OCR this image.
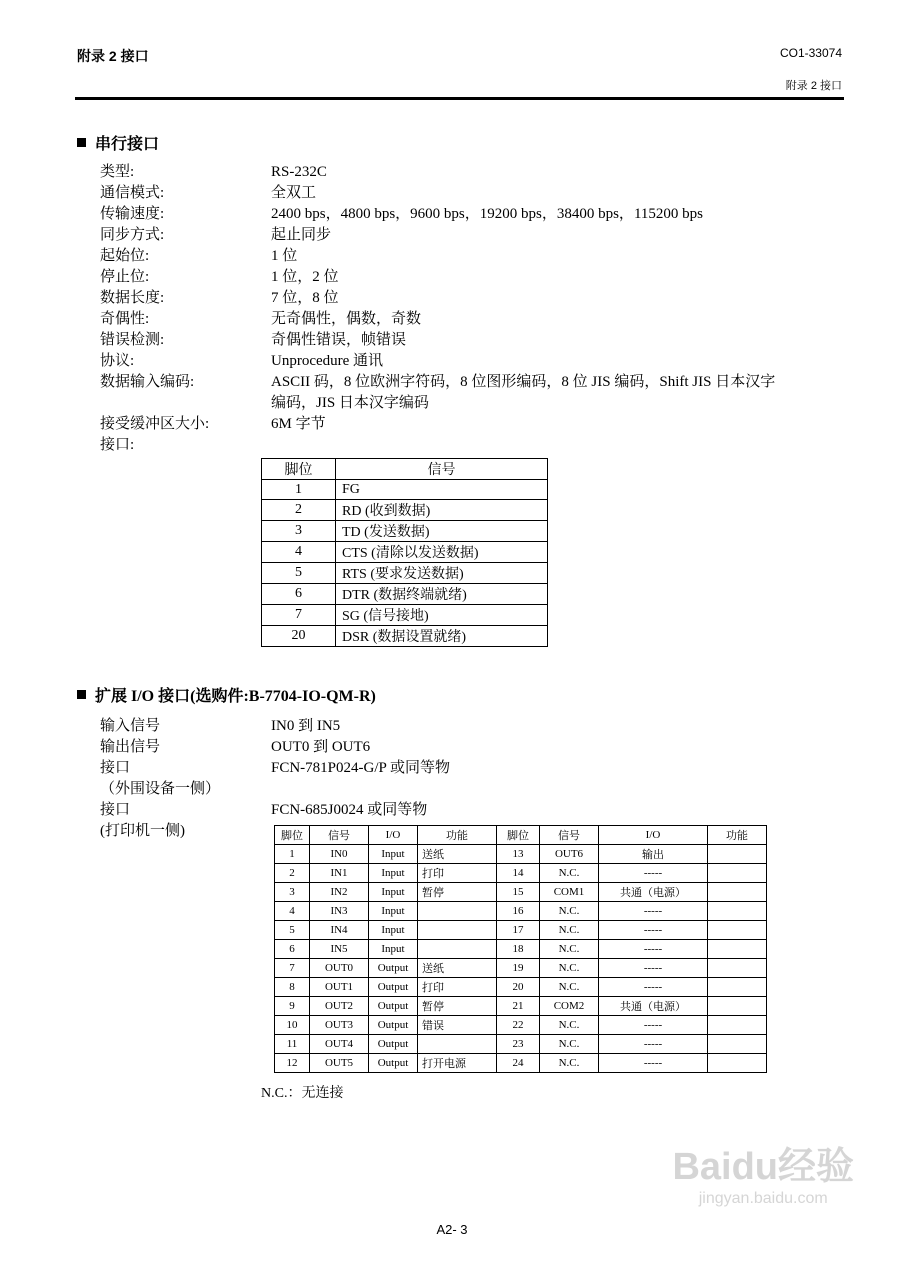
附录 2 接口	CO1-33074
附录 2 接口
串行接口
类型:	RS-232C
通信模式:	全双工
传输速度:	2400 bps，4800 bps，9600 bps，19200 bps，38400 bps，115200 bps
同步方式:	起止同步
起始位:	1 位
停止位:	1 位，2 位
数据长度:	7 位，8 位
奇偶性:	无奇偶性，偶数，奇数
错误检测:	奇偶性错误，帧错误
协议:	Unprocedure 通讯
数据输入编码:	ASCII 码，8 位欧洲字符码，8 位图形编码，8 位 JIS 编码，Shift JIS 日本汉字
编码，JIS 日本汉字编码
接受缓冲区大小:	6M 字节
接口:
脚位	信号
1	FG
2	RD (收到数据)
3	TD (发送数据)
4	CTS (清除以发送数据)
5	RTS (要求发送数据)
6	DTR (数据终端就绪)
7	SG (信号接地)
20	DSR (数据设置就绪)
扩展 I/O 接口(选购件:B-7704-IO-QM-R)
输入信号	IN0 到 IN5
输出信号	OUT0 到 OUT6
接口	FCN-781P024-G/P 或同等物
（外围设备一侧）
接口	FCN-685J0024 或同等物
(打印机一侧)	脚位	信号	I/O	功能	脚位	信号	I/O	功能
1	IN0	Input	送纸	13	OUT6	输出	
2	IN1	Input	打印	14	N.C.	-----	
3	IN2	Input	暂停	15	COM1	共通（电源）	
4	IN3	Input		16	N.C.	-----	
5	IN4	Input		17	N.C.	-----	
6	IN5	Input		18	N.C.	-----	
7	OUT0	Output	送纸	19	N.C.	-----	
8	OUT1	Output	打印	20	N.C.	-----	
9	OUT2	Output	暂停	21	COM2	共通（电源）	
10	OUT3	Output	错误	22	N.C.	-----	
11	OUT4	Output		23	N.C.	-----	
12	OUT5	Output	打开电源	24	N.C.	-----	
N.C.：无连接
A2- 3
Baidu经验
jingyan.baidu.com
